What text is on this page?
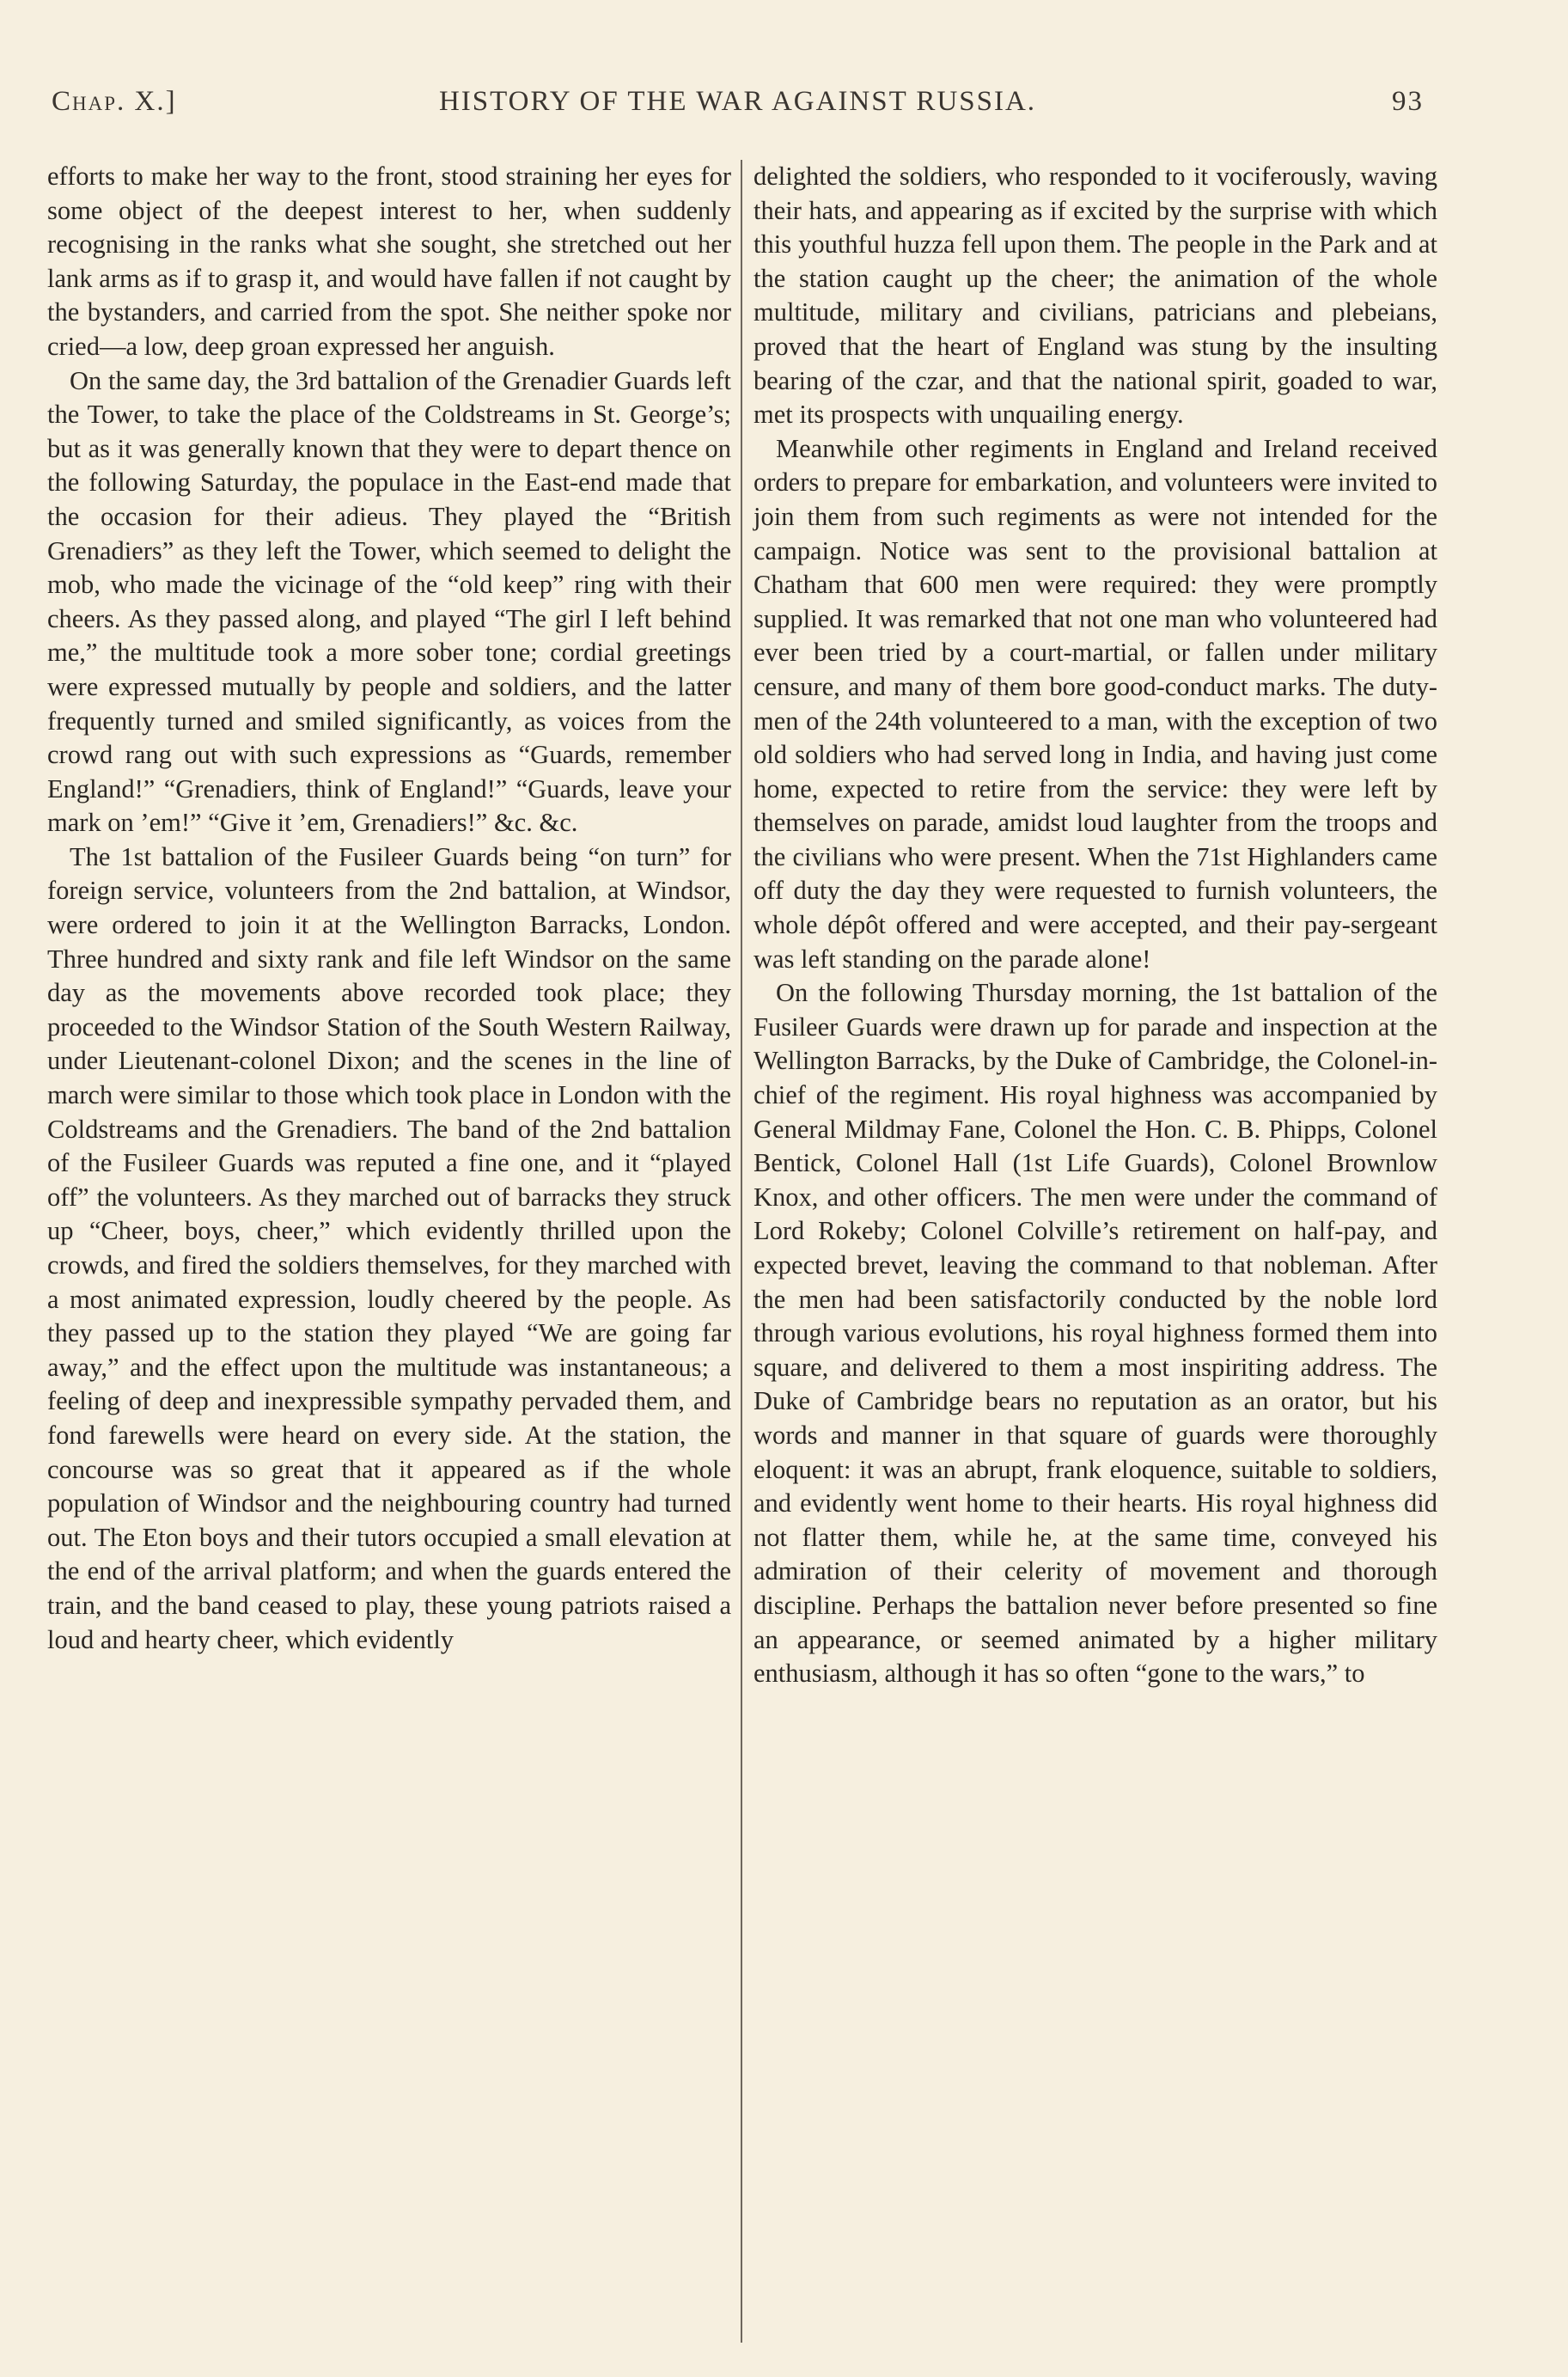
Chap. X.]	HISTORY OF THE WAR AGAINST RUSSIA.	93

efforts to make her way to the front, stood straining her eyes for some object of the deepest interest to her, when suddenly recognising in the ranks what she sought, she stretched out her lank arms as if to grasp it, and would have fallen if not caught by the bystanders, and carried from the spot. She neither spoke nor cried—a low, deep groan expressed her anguish.

On the same day, the 3rd battalion of the Grenadier Guards left the Tower, to take the place of the Coldstreams in St. George’s; but as it was generally known that they were to depart thence on the following Saturday, the populace in the East-end made that the occasion for their adieus. They played the “British Grenadiers” as they left the Tower, which seemed to delight the mob, who made the vicinage of the “old keep” ring with their cheers. As they passed along, and played “The girl I left behind me,” the multitude took a more sober tone; cordial greetings were expressed mutually by people and soldiers, and the latter frequently turned and smiled significantly, as voices from the crowd rang out with such expressions as “Guards, remember England!” “Grenadiers, think of England!” “Guards, leave your mark on ’em!” “Give it ’em, Grenadiers!” &c. &c.

The 1st battalion of the Fusileer Guards being “on turn” for foreign service, volunteers from the 2nd battalion, at Windsor, were ordered to join it at the Wellington Barracks, London. Three hundred and sixty rank and file left Windsor on the same day as the movements above recorded took place; they proceeded to the Windsor Station of the South Western Railway, under Lieutenant-colonel Dixon; and the scenes in the line of march were similar to those which took place in London with the Coldstreams and the Grenadiers. The band of the 2nd battalion of the Fusileer Guards was reputed a fine one, and it “played off” the volunteers. As they marched out of barracks they struck up “Cheer, boys, cheer,” which evidently thrilled upon the crowds, and fired the soldiers themselves, for they marched with a most animated expression, loudly cheered by the people. As they passed up to the station they played “We are going far away,” and the effect upon the multitude was instantaneous; a feeling of deep and inexpressible sympathy pervaded them, and fond farewells were heard on every side. At the station, the concourse was so great that it appeared as if the whole population of Windsor and the neighbouring country had turned out. The Eton boys and their tutors occupied a small elevation at the end of the arrival platform; and when the guards entered the train, and the band ceased to play, these young patriots raised a loud and hearty cheer, which evidently

delighted the soldiers, who responded to it vociferously, waving their hats, and appearing as if excited by the surprise with which this youthful huzza fell upon them. The people in the Park and at the station caught up the cheer; the animation of the whole multitude, military and civilians, patricians and plebeians, proved that the heart of England was stung by the insulting bearing of the czar, and that the national spirit, goaded to war, met its prospects with unquailing energy.

Meanwhile other regiments in England and Ireland received orders to prepare for embarkation, and volunteers were invited to join them from such regiments as were not intended for the campaign. Notice was sent to the provisional battalion at Chatham that 600 men were required: they were promptly supplied. It was remarked that not one man who volunteered had ever been tried by a court-martial, or fallen under military censure, and many of them bore good-conduct marks. The duty-men of the 24th volunteered to a man, with the exception of two old soldiers who had served long in India, and having just come home, expected to retire from the service: they were left by themselves on parade, amidst loud laughter from the troops and the civilians who were present. When the 71st Highlanders came off duty the day they were requested to furnish volunteers, the whole dépôt offered and were accepted, and their pay-sergeant was left standing on the parade alone!

On the following Thursday morning, the 1st battalion of the Fusileer Guards were drawn up for parade and inspection at the Wellington Barracks, by the Duke of Cambridge, the Colonel-in-chief of the regiment. His royal highness was accompanied by General Mildmay Fane, Colonel the Hon. C. B. Phipps, Colonel Bentick, Colonel Hall (1st Life Guards), Colonel Brownlow Knox, and other officers. The men were under the command of Lord Rokeby; Colonel Colville’s retirement on half-pay, and expected brevet, leaving the command to that nobleman. After the men had been satisfactorily conducted by the noble lord through various evolutions, his royal highness formed them into square, and delivered to them a most inspiriting address. The Duke of Cambridge bears no reputation as an orator, but his words and manner in that square of guards were thoroughly eloquent: it was an abrupt, frank eloquence, suitable to soldiers, and evidently went home to their hearts. His royal highness did not flatter them, while he, at the same time, conveyed his admiration of their celerity of movement and thorough discipline. Perhaps the battalion never before presented so fine an appearance, or seemed animated by a higher military enthusiasm, although it has so often “gone to the wars,” to
